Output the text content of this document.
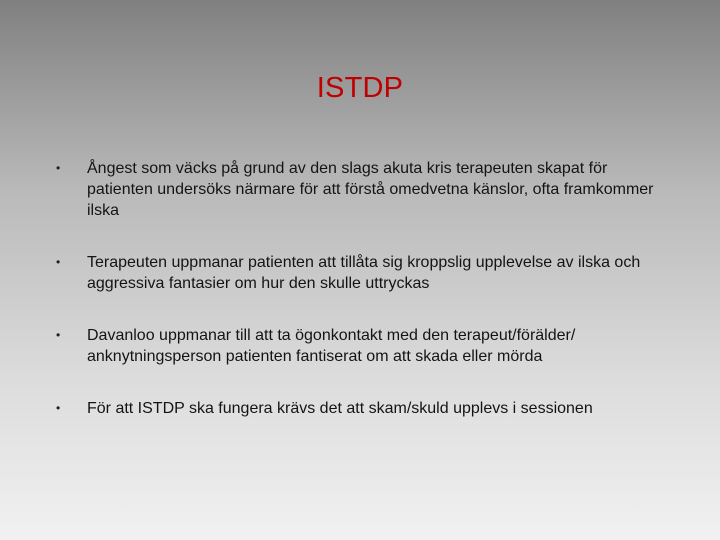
ISTDP
• Ångest som väcks på grund av den slags akuta kris terapeuten skapat för patienten undersöks närmare för att förstå omedvetna känslor, ofta framkommer ilska
• Terapeuten uppmanar patienten att tillåta sig kroppslig upplevelse av ilska och aggressiva fantasier om hur den skulle uttryckas
• Davanloo uppmanar till att ta ögonkontakt med den terapeut/förälder/ anknytningsperson patienten fantiserat om att skada eller mörda
• För att ISTDP ska fungera krävs det att skam/skuld upplevs i sessionen
